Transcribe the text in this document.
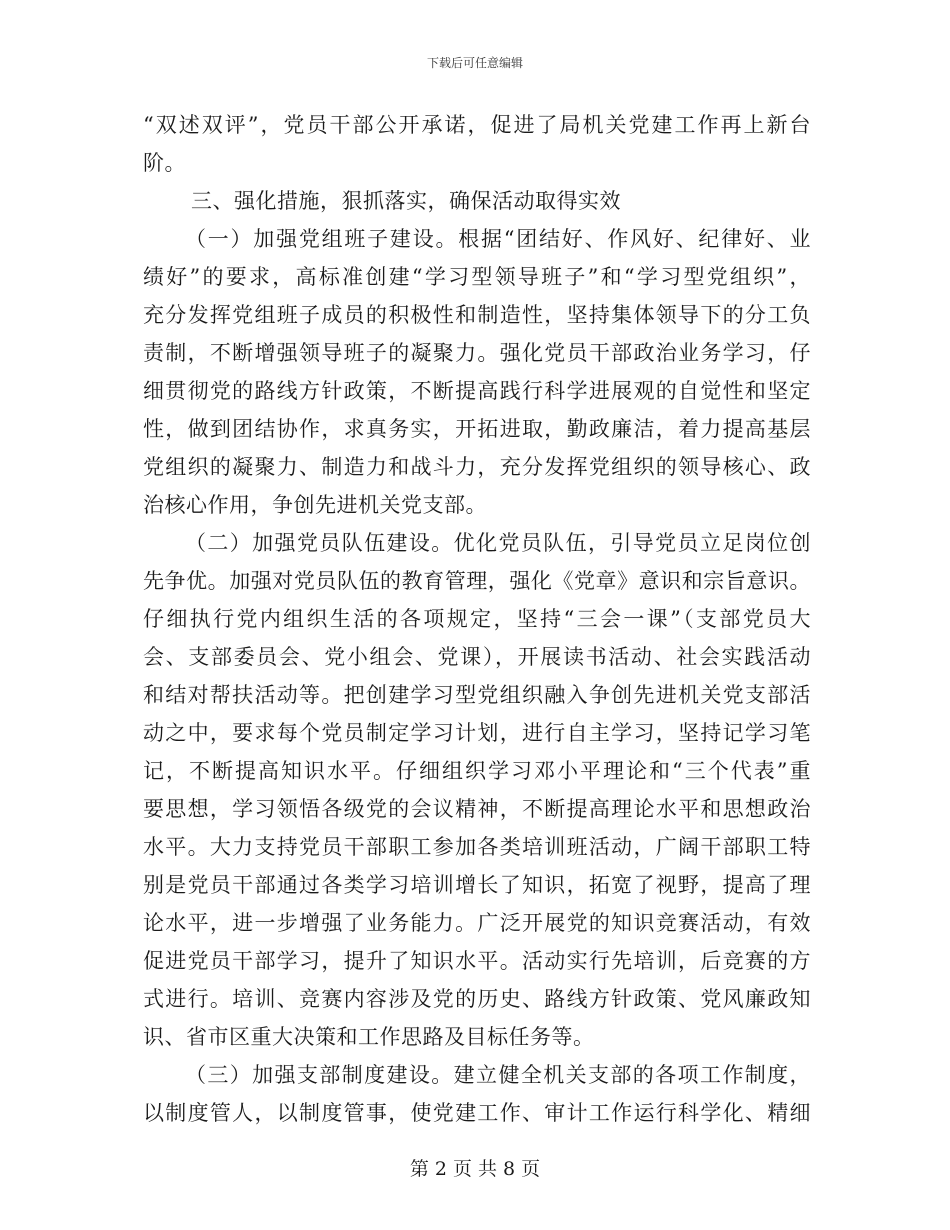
下载后可任意编辑
“双述双评”，党员干部公开承诺，促进了局机关党建工作再上新台
阶。
三、强化措施，狠抓落实，确保活动取得实效
（一）加强党组班子建设。根据“团结好、作风好、纪律好、业
绩好”的要求，高标准创建“学习型领导班子”和“学习型党组织”，
充分发挥党组班子成员的积极性和制造性，坚持集体领导下的分工负
责制，不断增强领导班子的凝聚力。强化党员干部政治业务学习，仔
细贯彻党的路线方针政策，不断提高践行科学进展观的自觉性和坚定
性，做到团结协作，求真务实，开拓进取，勤政廉洁，着力提高基层
党组织的凝聚力、制造力和战斗力，充分发挥党组织的领导核心、政
治核心作用，争创先进机关党支部。
（二）加强党员队伍建设。优化党员队伍，引导党员立足岗位创
先争优。加强对党员队伍的教育管理，强化《党章》意识和宗旨意识。
仔细执行党内组织生活的各项规定，坚持“三会一课”（支部党员大
会、支部委员会、党小组会、党课），开展读书活动、社会实践活动
和结对帮扶活动等。把创建学习型党组织融入争创先进机关党支部活
动之中，要求每个党员制定学习计划，进行自主学习，坚持记学习笔
记，不断提高知识水平。仔细组织学习邓小平理论和“三个代表”重
要思想，学习领悟各级党的会议精神，不断提高理论水平和思想政治
水平。大力支持党员干部职工参加各类培训班活动，广阔干部职工特
别是党员干部通过各类学习培训增长了知识，拓宽了视野，提高了理
论水平，进一步增强了业务能力。广泛开展党的知识竞赛活动，有效
促进党员干部学习，提升了知识水平。活动实行先培训，后竞赛的方
式进行。培训、竞赛内容涉及党的历史、路线方针政策、党风廉政知
识、省市区重大决策和工作思路及目标任务等。
（三）加强支部制度建设。建立健全机关支部的各项工作制度，
以制度管人，以制度管事，使党建工作、审计工作运行科学化、精细
第 2 页 共 8 页
